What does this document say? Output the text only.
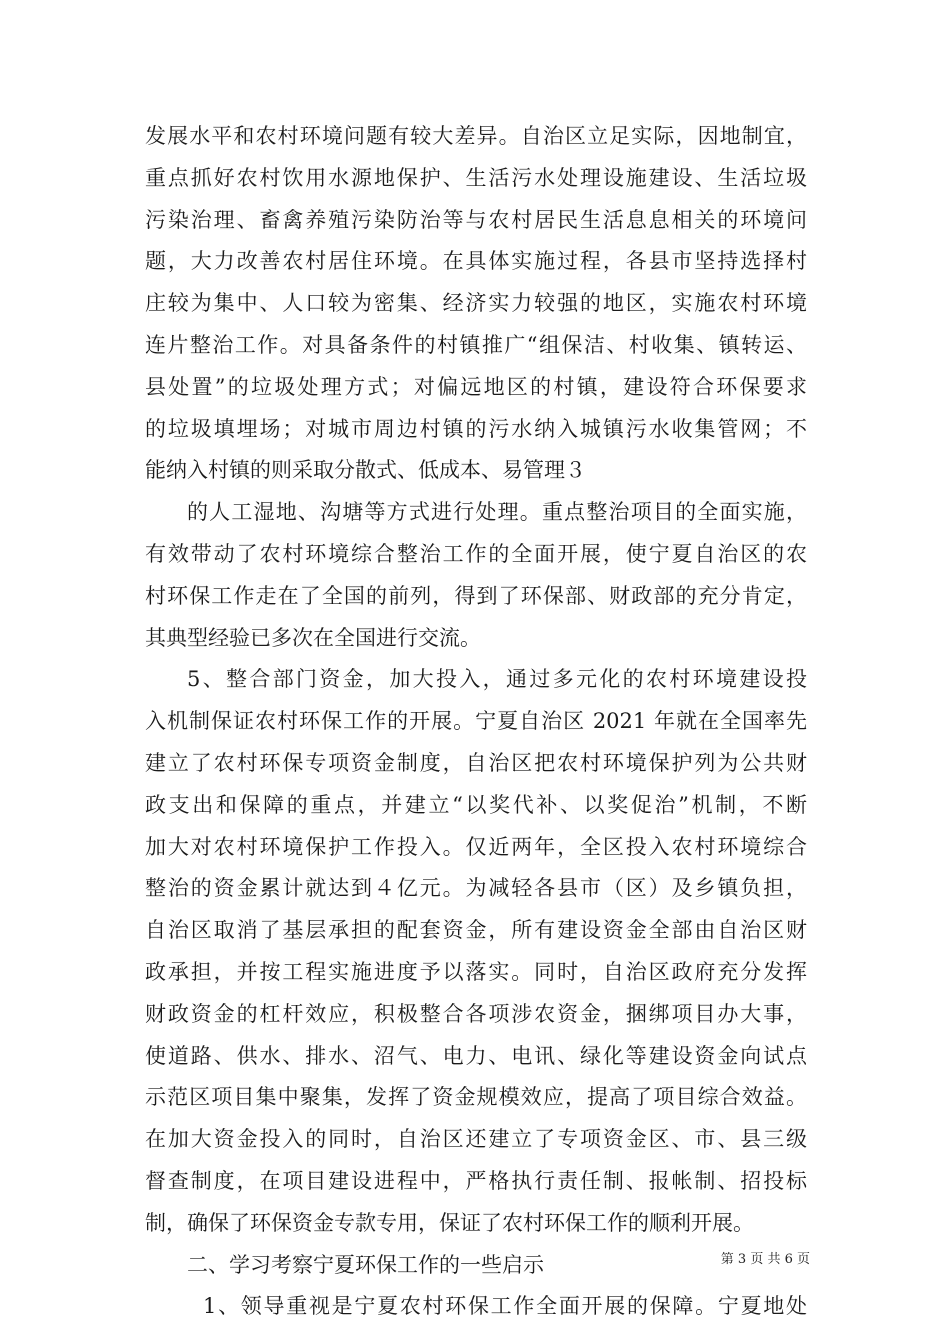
发展水平和农村环境问题有较大差异。自治区立足实际，因地制宜，
重点抓好农村饮用水源地保护、生活污水处理设施建设、生活垃圾
污染治理、畜禽养殖污染防治等与农村居民生活息息相关的环境问
题，大力改善农村居住环境。在具体实施过程，各县市坚持选择村
庄较为集中、人口较为密集、经济实力较强的地区，实施农村环境
连片整治工作。对具备条件的村镇推广“组保洁、村收集、镇转运、
县处置”的垃圾处理方式；对偏远地区的村镇，建设符合环保要求
的垃圾填埋场；对城市周边村镇的污水纳入城镇污水收集管网；不
能纳入村镇的则采取分散式、低成本、易管理３
的人工湿地、沟塘等方式进行处理。重点整治项目的全面实施，
有效带动了农村环境综合整治工作的全面开展，使宁夏自治区的农
村环保工作走在了全国的前列，得到了环保部、财政部的充分肯定，
其典型经验已多次在全国进行交流。
5、整合部门资金，加大投入，通过多元化的农村环境建设投
入机制保证农村环保工作的开展。宁夏自治区 2021 年就在全国率先
建立了农村环保专项资金制度，自治区把农村环境保护列为公共财
政支出和保障的重点，并建立“以奖代补、以奖促治”机制，不断
加大对农村环境保护工作投入。仅近两年，全区投入农村环境综合
整治的资金累计就达到４亿元。为减轻各县市（区）及乡镇负担，
自治区取消了基层承担的配套资金，所有建设资金全部由自治区财
政承担，并按工程实施进度予以落实。同时，自治区政府充分发挥
财政资金的杠杆效应，积极整合各项涉农资金，捆绑项目办大事，
使道路、供水、排水、沼气、电力、电讯、绿化等建设资金向试点
示范区项目集中聚集，发挥了资金规模效应，提高了项目综合效益。
在加大资金投入的同时，自治区还建立了专项资金区、市、县三级
督查制度，在项目建设进程中，严格执行责任制、报帐制、招投标
制，确保了环保资金专款专用，保证了农村环保工作的顺利开展。
二、学习考察宁夏环保工作的一些启示
1、领导重视是宁夏农村环保工作全面开展的保障。宁夏地处
第 3 页 共 6 页
